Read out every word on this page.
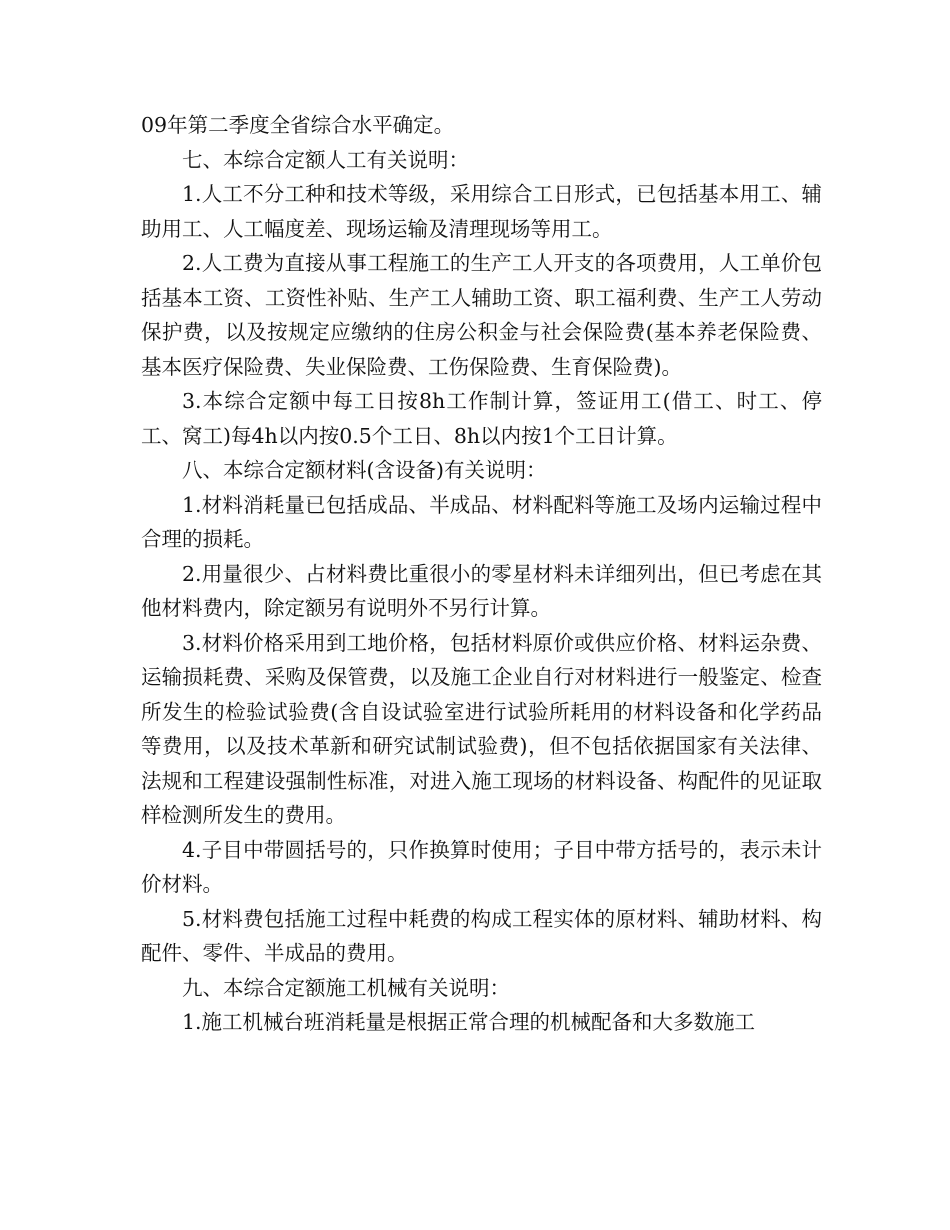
09年第二季度全省综合水平确定。

七、本综合定额人工有关说明：

1.人工不分工种和技术等级，采用综合工日形式，已包括基本用工、辅助用工、人工幅度差、现场运输及清理现场等用工。

2.人工费为直接从事工程施工的生产工人开支的各项费用，人工单价包括基本工资、工资性补贴、生产工人辅助工资、职工福利费、生产工人劳动保护费，以及按规定应缴纳的住房公积金与社会保险费(基本养老保险费、基本医疗保险费、失业保险费、工伤保险费、生育保险费)。

3.本综合定额中每工日按8h工作制计算，签证用工(借工、时工、停工、窝工)每4h以内按0.5个工日、8h以内按1个工日计算。

八、本综合定额材料(含设备)有关说明：

1.材料消耗量已包括成品、半成品、材料配料等施工及场内运输过程中合理的损耗。

2.用量很少、占材料费比重很小的零星材料未详细列出，但已考虑在其他材料费内，除定额另有说明外不另行计算。

3.材料价格采用到工地价格，包括材料原价或供应价格、材料运杂费、运输损耗费、采购及保管费，以及施工企业自行对材料进行一般鉴定、检查所发生的检验试验费(含自设试验室进行试验所耗用的材料设备和化学药品等费用，以及技术革新和研究试制试验费)，但不包括依据国家有关法律、法规和工程建设强制性标准，对进入施工现场的材料设备、构配件的见证取样检测所发生的费用。

4.子目中带圆括号的，只作换算时使用；子目中带方括号的，表示未计价材料。

5.材料费包括施工过程中耗费的构成工程实体的原材料、辅助材料、构配件、零件、半成品的费用。

九、本综合定额施工机械有关说明：

1.施工机械台班消耗量是根据正常合理的机械配备和大多数施工
